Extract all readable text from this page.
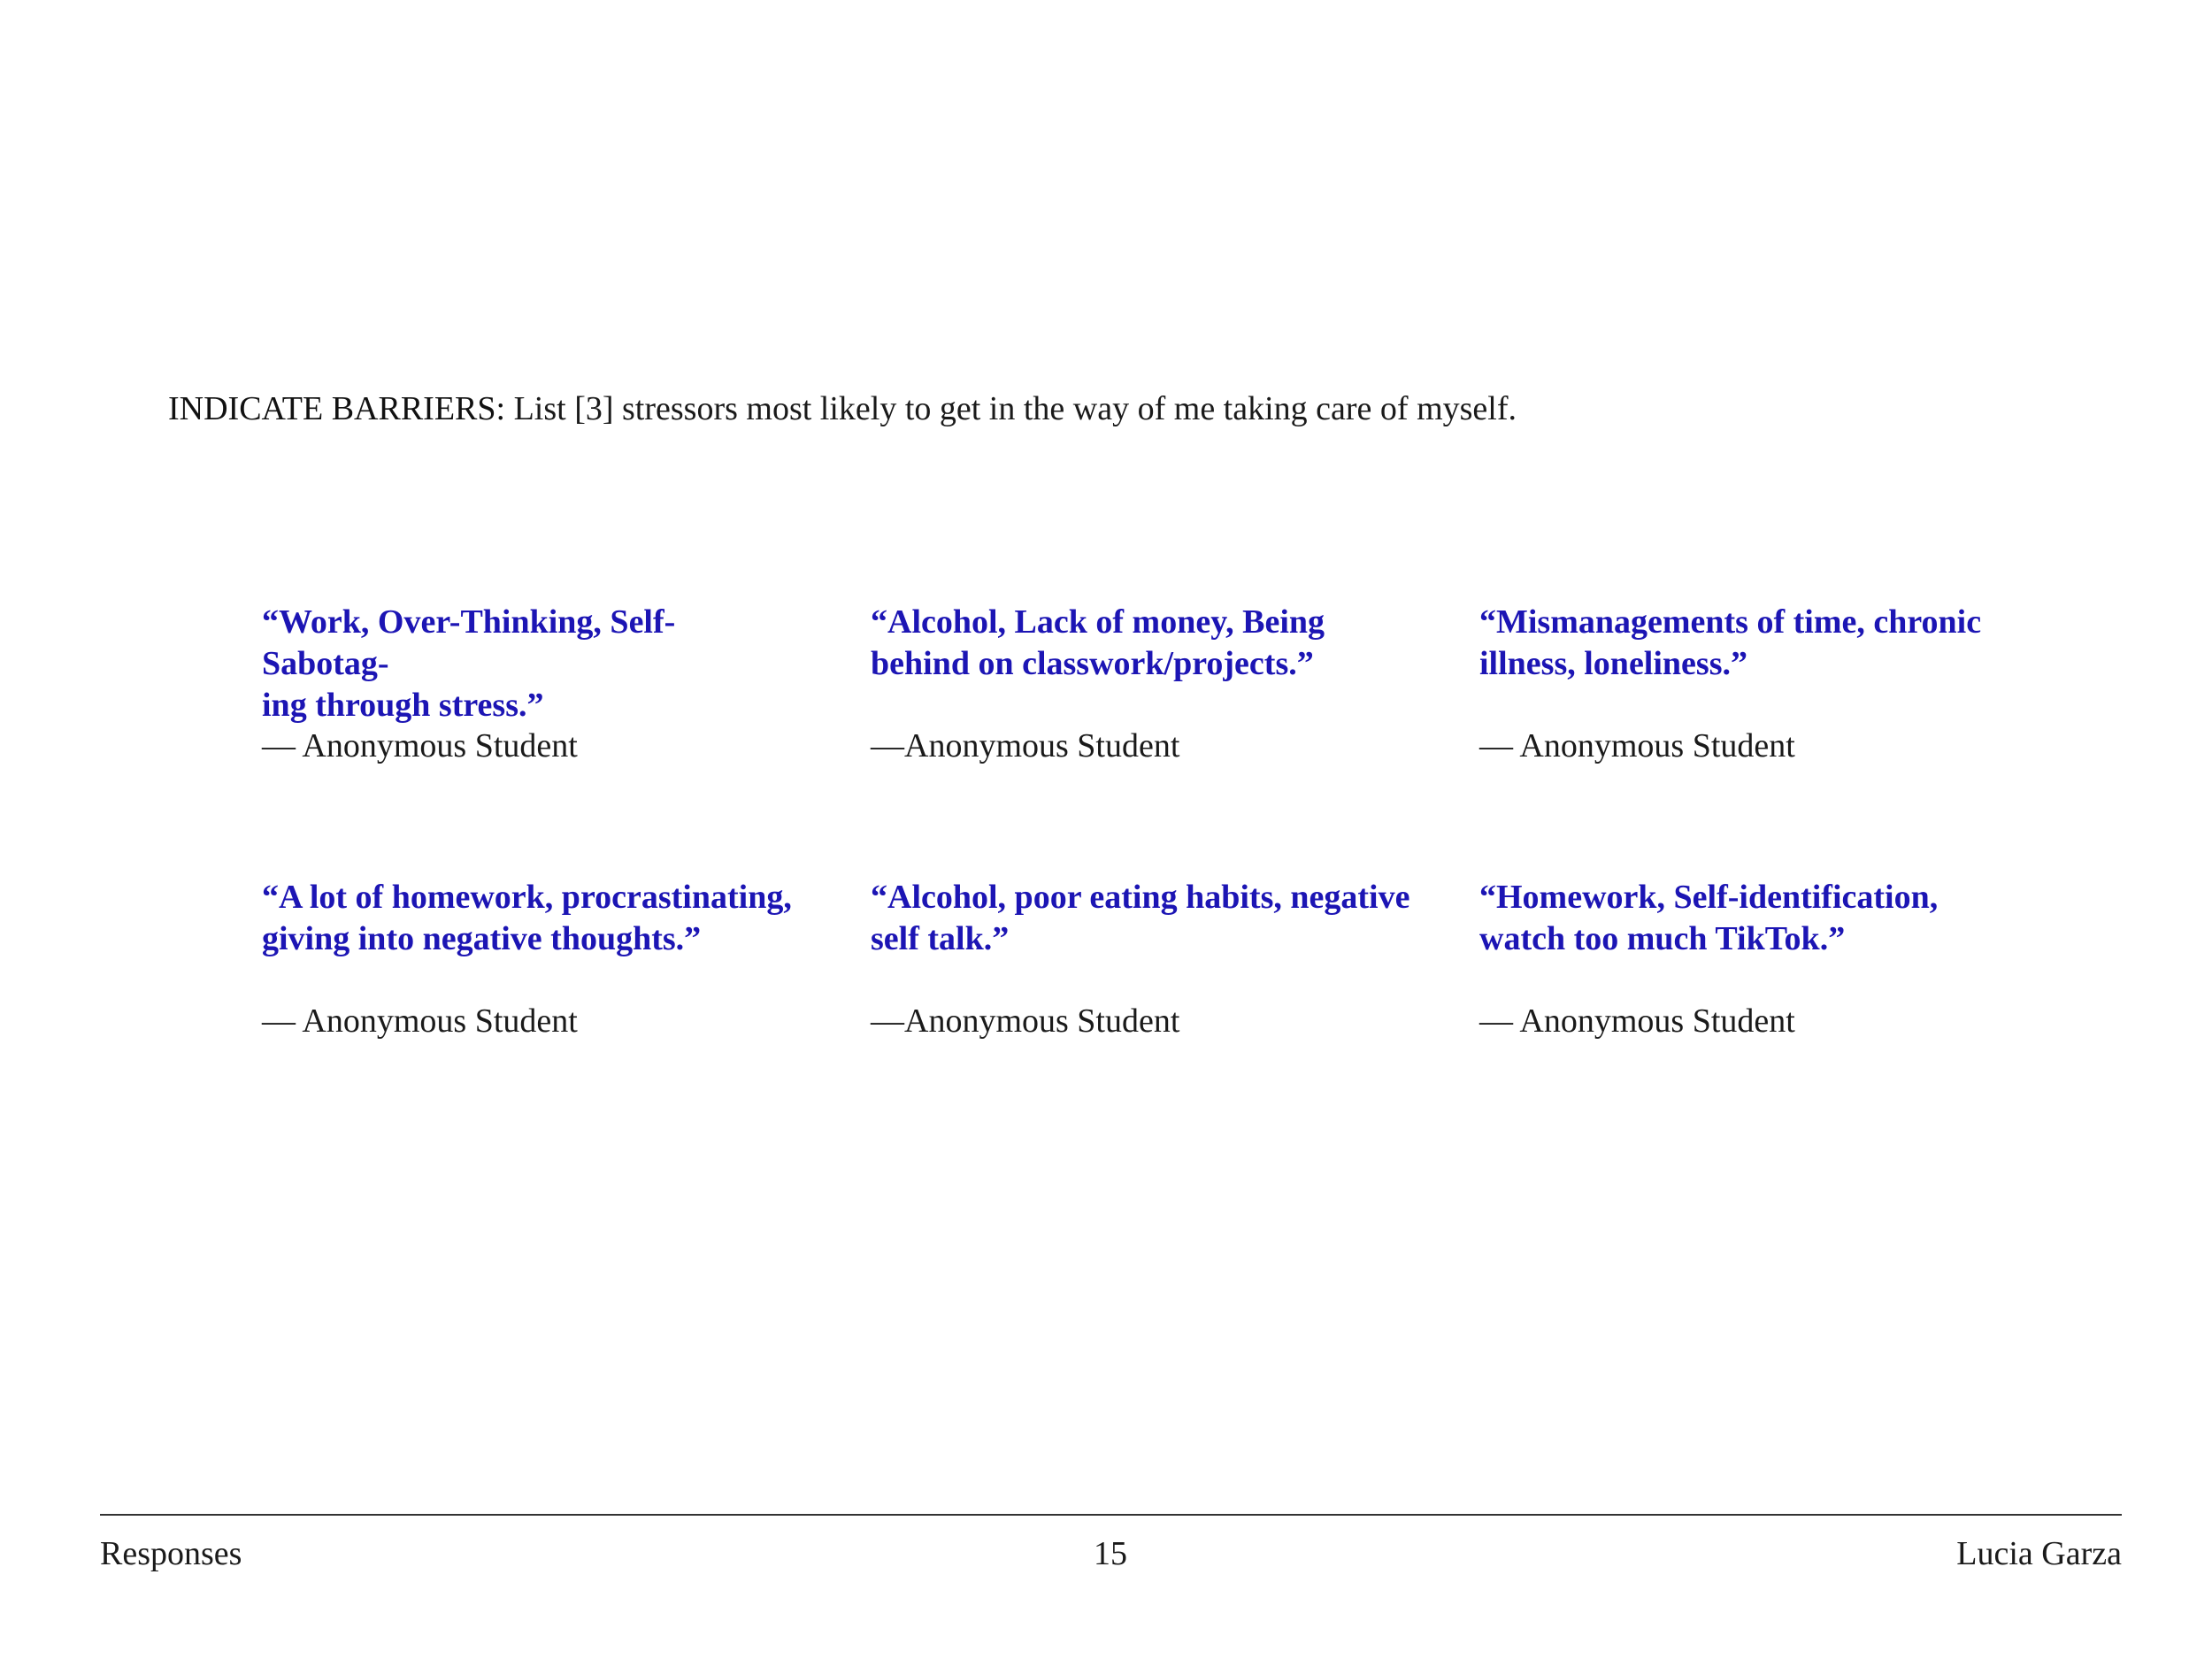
INDICATE BARRIERS: List [3] stressors most likely to get in the way of me taking care of myself.

“Work, Over-Thinking, Self-Sabotag-
ing through stress.”

— Anonymous Student

“Alcohol, Lack of money, Being
behind on classwork/projects.”

—Anonymous Student

“Mismanagements of time, chronic
illness, loneliness.”

— Anonymous Student

“A lot of homework, procrastinating,
giving into negative thoughts.”

— Anonymous Student

“Alcohol, poor eating habits, negative
self talk.”

—Anonymous Student

“Homework, Self-identification,
watch too much TikTok.”

— Anonymous Student
Responses	15	Lucia Garza
